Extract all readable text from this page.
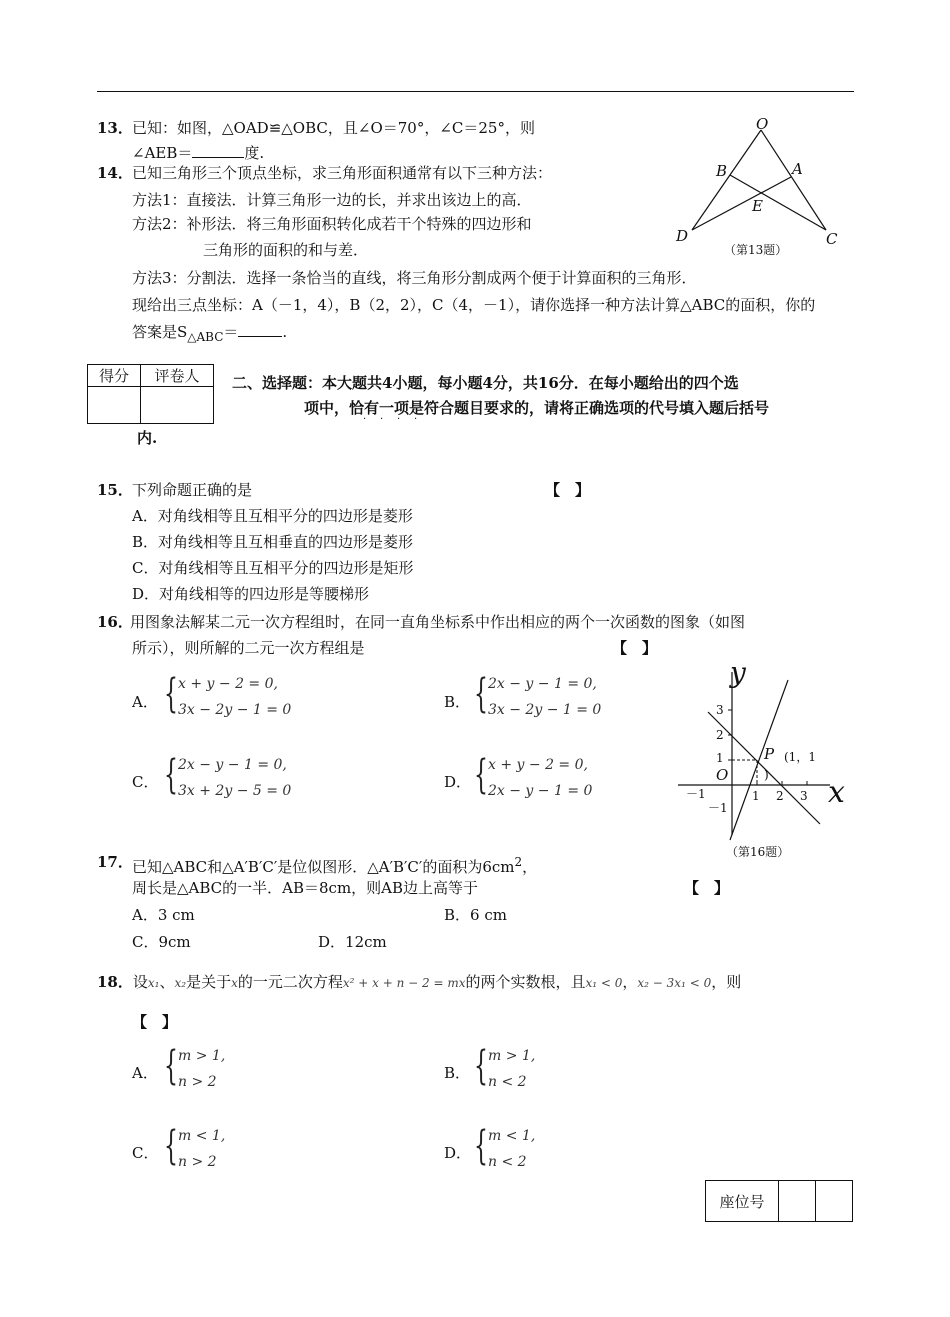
13． 已知：如图，△OAD≌△OBC，且∠O＝70°，∠C＝25°，则
∠AEB＝	度.
O
B	A
E
D	C
（第13题）
14． 已知三角形三个顶点坐标，求三角形面积通常有以下三种方法：
方法1：直接法．计算三角形一边的长，并求出该边上的高．
方法2：补形法．将三角形面积转化成若干个特殊的四边形和
三角形的面积的和与差．
方法3：分割法．选择一条恰当的直线，将三角形分割成两个便于计算面积的三角形．
现给出三点坐标：A（－1，4），B（2，2），C（4，－1），请你选择一种方法计算△ABC的面积，你的
答案是$S_{\triangle ABC}=$	.
得分	评卷人
	二、选择题：本大题共4小题，每小题4分，共16分．在每小题给出的四个选
项中，恰有一项是符合题目要求的，请将正确选项的代号填入题后括号
· · · ·
内.
15． 下列命题正确的是	【　】
A．对角线相等且互相平分的四边形是菱形
B．对角线相等且互相垂直的四边形是菱形
C．对角线相等且互相平分的四边形是矩形
D．对角线相等的四边形是等腰梯形
16．
用图象法解某二元一次方程组时，在同一直角坐标系中作出相应的两个一次函数的图象（如图
所示），则所解的二元一次方程组是	【　】
A． { x + y − 2 = 0,
3x − 2y − 1 = 0	B． { 2x − y − 1 = 0,
3x − 2y − 1 = 0
C． { 2x − y − 1 = 0,
3x + 2y − 5 = 0	D． { x + y − 2 = 0,
2x − y − 1 = 0
y
x
3
2
1
O
P (1，1
)
－1	1 2 3
－1
（第16题）
17． 已知△ABC和△A′B′C′是位似图形．△A′B′C′的面积为$6cm^2$，
周长是△ABC的一半．AB＝8cm，则AB边上高等于	【　】
A．3 cm	B．6 cm
C．9cm	D．12cm
18．设x₁、x₂是关于x的一元二次方程x² + x + n − 2 = mx的两个实数根，且x₁ < 0，x₂ − 3x₁ < 0，则
【　】
A． { m > 1,
n > 2	B． { m > 1,
n < 2
C． { m < 1,
n > 2	D． { m < 1,
n < 2
座位号		
